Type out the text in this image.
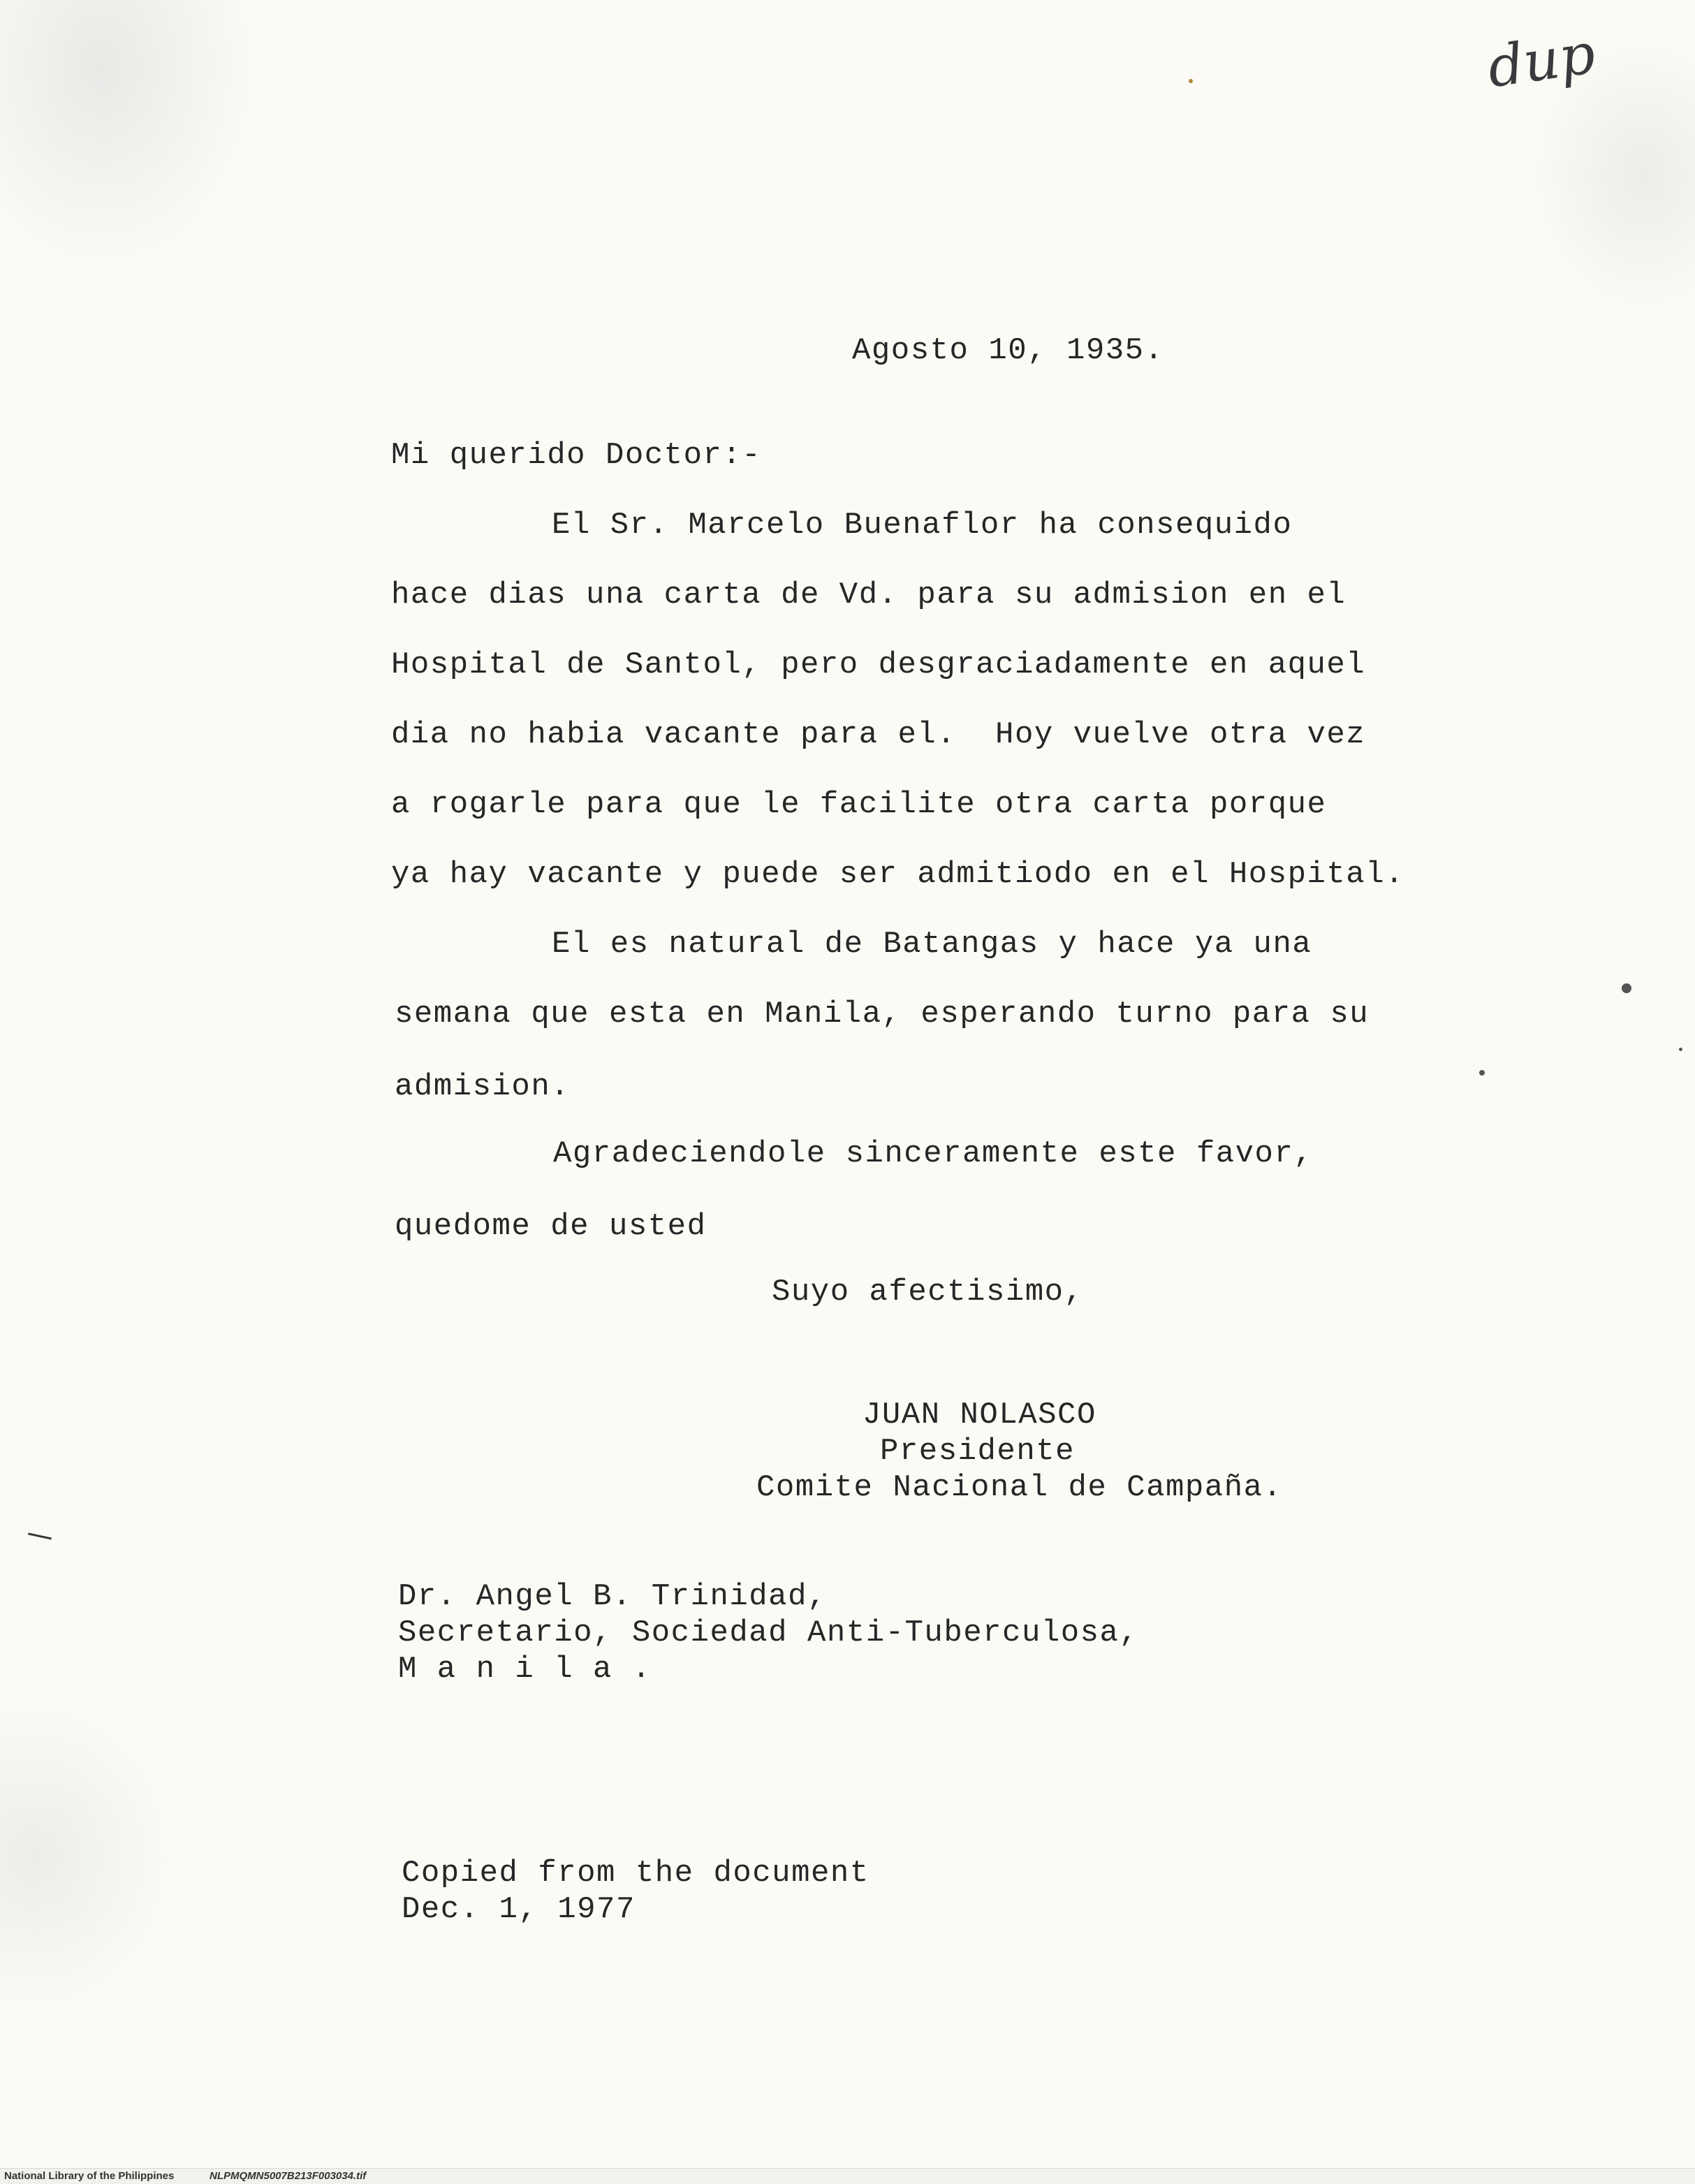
dup
Agosto 10, 1935.
Mi querido Doctor:-
El Sr. Marcelo Buenaflor ha consequido
hace dias una carta de Vd. para su admision en el
Hospital de Santol, pero desgraciadamente en aquel
dia no habia vacante para el.  Hoy vuelve otra vez
a rogarle para que le facilite otra carta porque
ya hay vacante y puede ser admitiodo en el Hospital.
El es natural de Batangas y hace ya una
semana que esta en Manila, esperando turno para su
admision.
Agradeciendole sinceramente este favor,
quedome de usted
Suyo afectisimo,
JUAN NOLASCO
Presidente
Comite Nacional de Campaña.
Dr. Angel B. Trinidad,
Secretario, Sociedad Anti-Tuberculosa,
M a n i l a .
Copied from the document
Dec. 1, 1977
National Library of the Philippines	NLPMQMN5007B213F003034.tif
